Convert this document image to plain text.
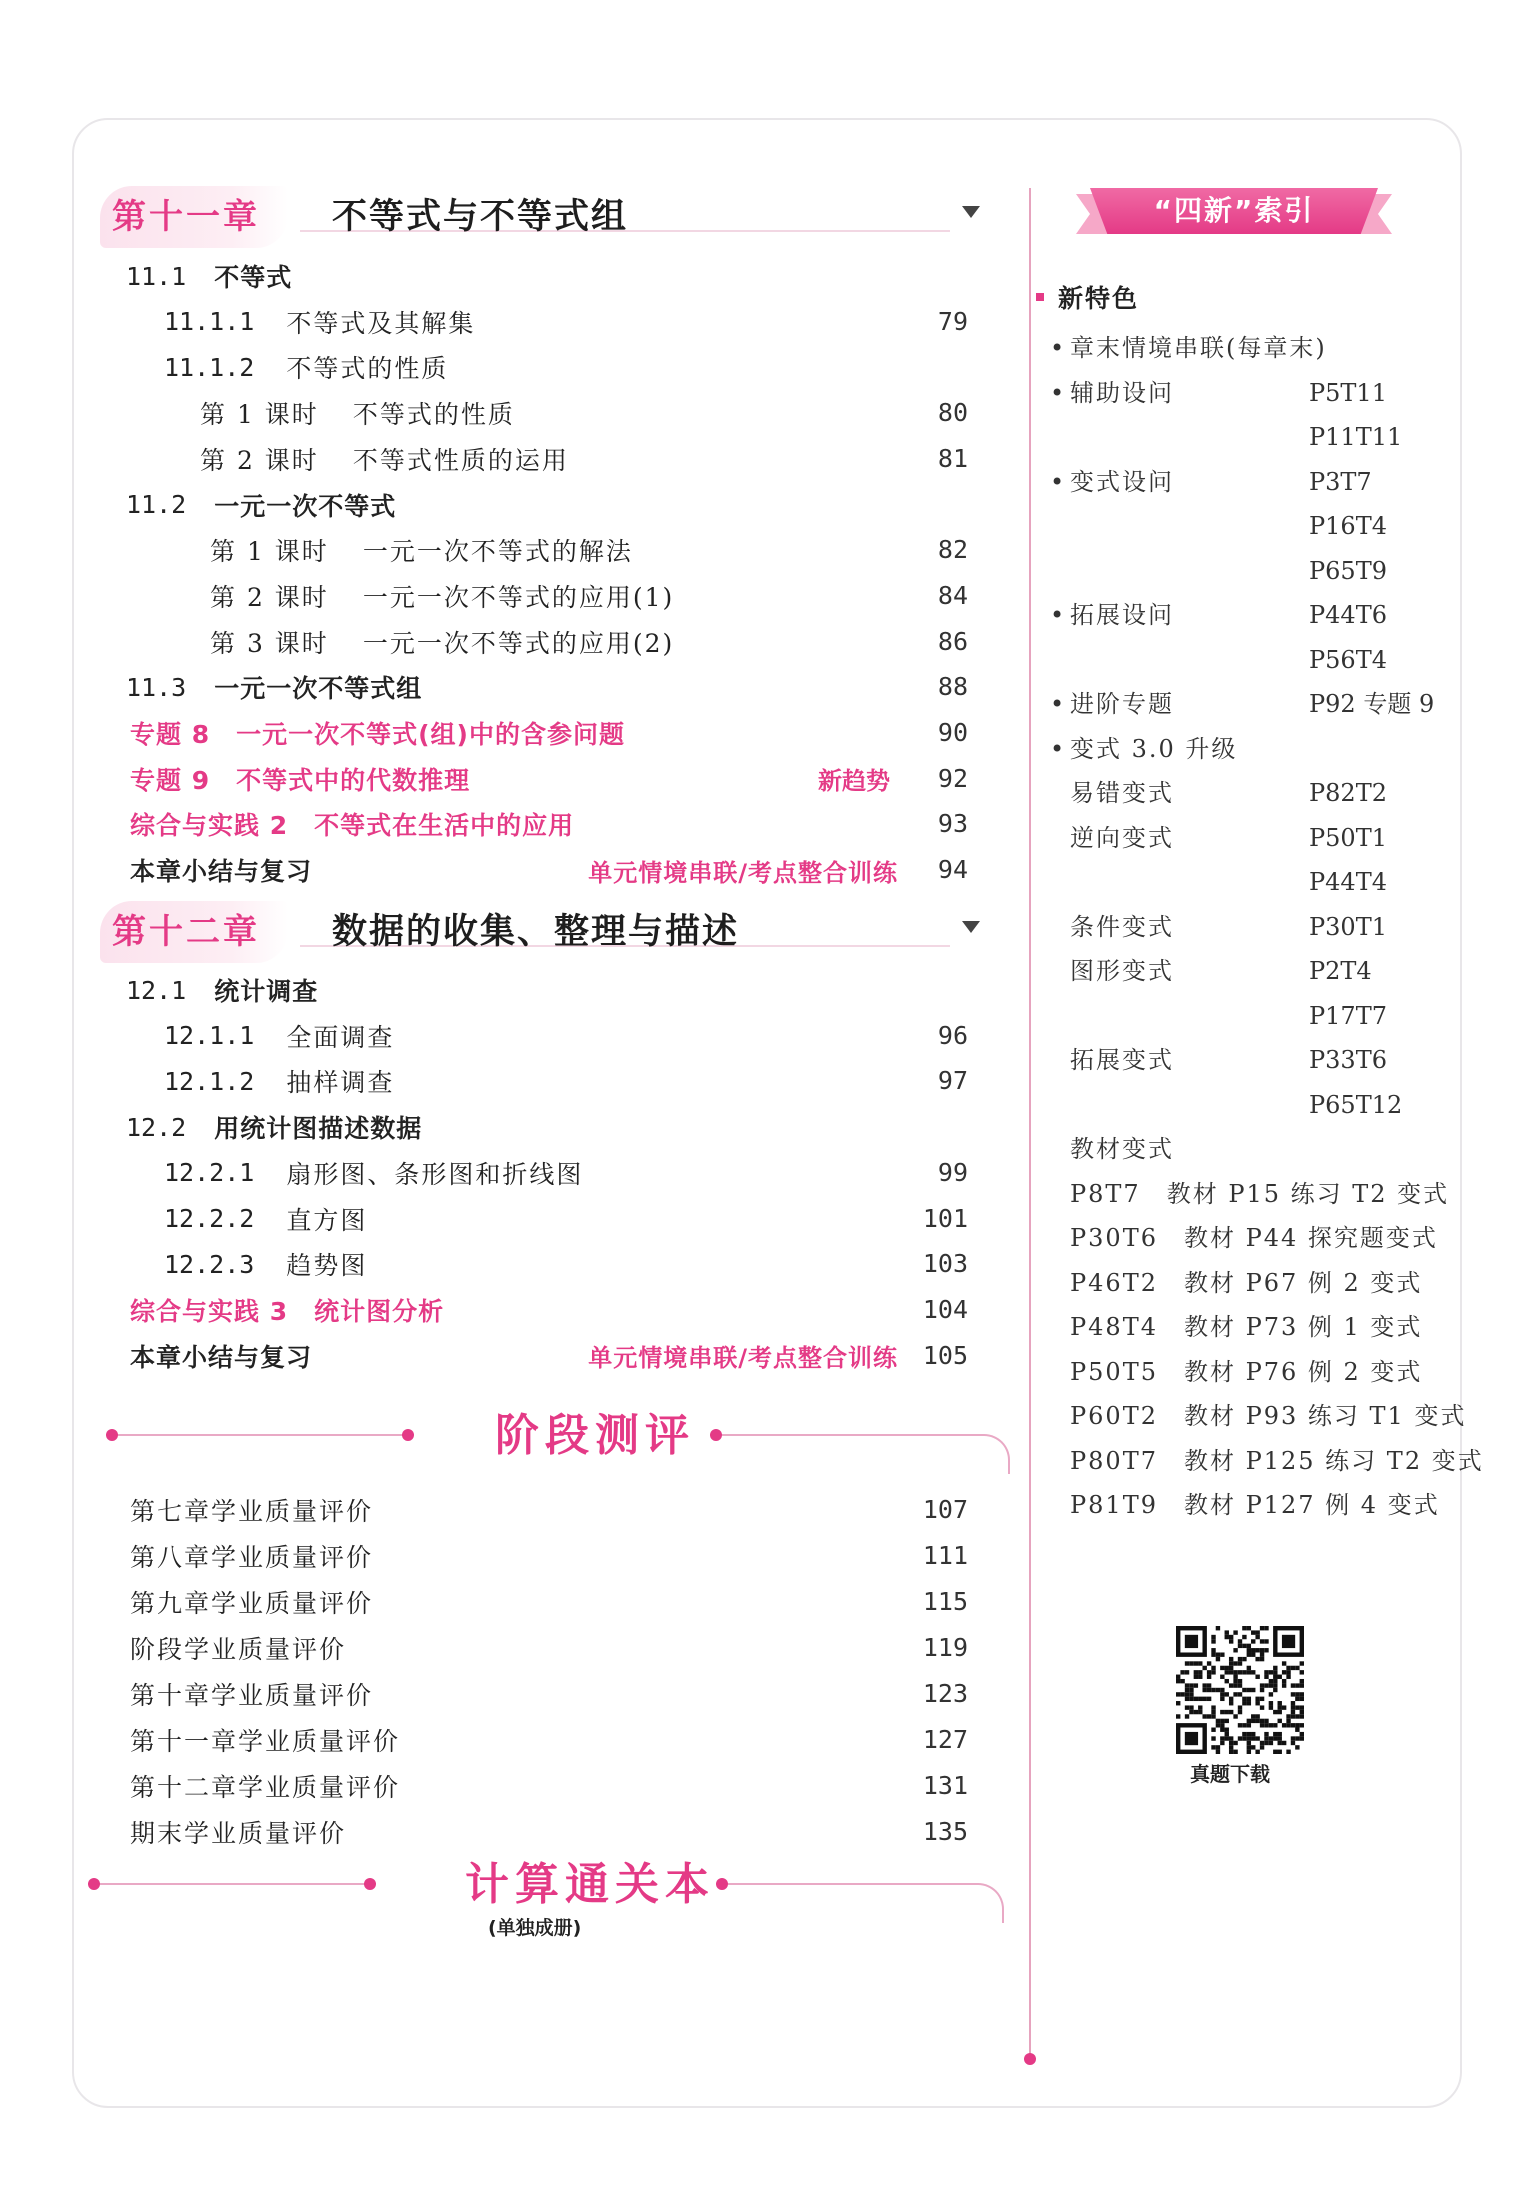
第十一章	不等式与不等式组
11.1 不等式
11.1.1 不等式及其解集	79
11.1.2 不等式的性质
第 1 课时 不等式的性质	80
第 2 课时 不等式性质的运用	81
11.2 一元一次不等式
第 1 课时 一元一次不等式的解法	82
第 2 课时 一元一次不等式的应用(1)	84
第 3 课时 一元一次不等式的应用(2)	86
11.3 一元一次不等式组	88
专题 8 一元一次不等式(组)中的含参问题	90
专题 9 不等式中的代数推理	新趋势 92
综合与实践 2 不等式在生活中的应用	93
本章小结与复习	单元情境串联/考点整合训练 94
第十二章	数据的收集、整理与描述
12.1 统计调查
12.1.1 全面调查	96
12.1.2 抽样调查	97
12.2 用统计图描述数据
12.2.1 扇形图、条形图和折线图	99
12.2.2 直方图	101
12.2.3 趋势图	103
综合与实践 3 统计图分析	104
本章小结与复习	单元情境串联/考点整合训练 105
阶段测评
第七章学业质量评价	107
第八章学业质量评价	111
第九章学业质量评价	115
阶段学业质量评价	119
第十章学业质量评价	123
第十一章学业质量评价	127
第十二章学业质量评价	131
期末学业质量评价	135
计算通关本
(单独成册)
“四新”索引
新特色
• 章末情境串联(每章末)
• 辅助设问	P5T11
P11T11
• 变式设问	P3T7
P16T4
P65T9
• 拓展设问	P44T6
P56T4
• 进阶专题	P92 专题 9
• 变式 3.0 升级
易错变式	P82T2
逆向变式	P50T1
P44T4
条件变式	P30T1
图形变式	P2T4
P17T7
拓展变式	P33T6
P65T12
教材变式
P8T7　教材 P15 练习 T2 变式
P30T6　教材 P44 探究题变式
P46T2　教材 P67 例 2 变式
P48T4　教材 P73 例 1 变式
P50T5　教材 P76 例 2 变式
P60T2　教材 P93 练习 T1 变式
P80T7　教材 P125 练习 T2 变式
P81T9　教材 P127 例 4 变式
真题下载
